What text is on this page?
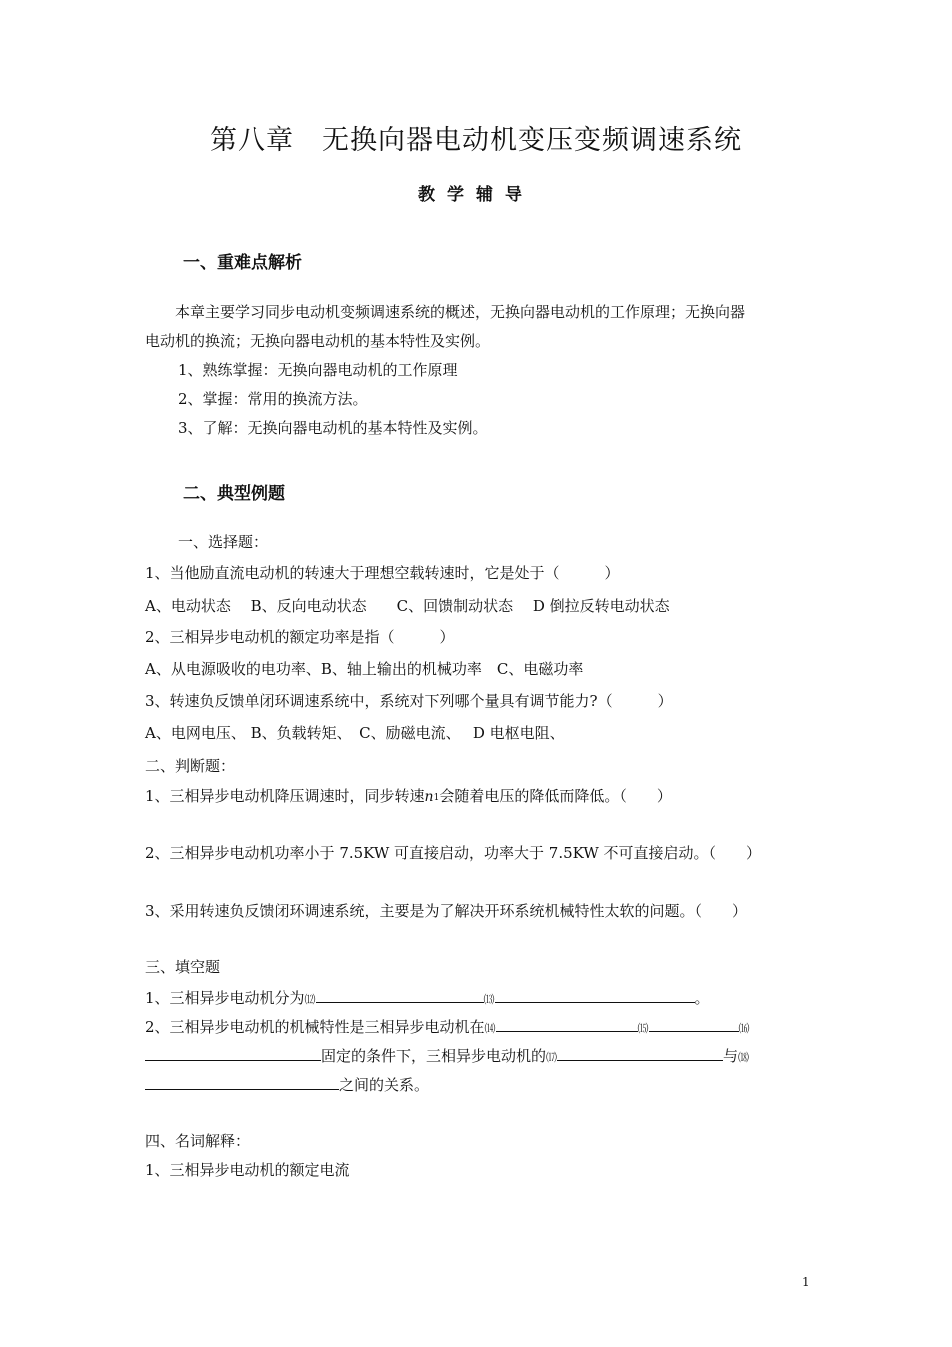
第八章　无换向器电动机变压变频调速系统
教学辅导
一、重难点解析
本章主要学习同步电动机变频调速系统的概述，无换向器电动机的工作原理；无换向器
电动机的换流；无换向器电动机的基本特性及实例。
1、熟练掌握：无换向器电动机的工作原理
2、掌握：常用的换流方法。
3、了解：无换向器电动机的基本特性及实例。
二、典型例题
一、选择题：
1、当他励直流电动机的转速大于理想空载转速时，它是处于（　　　）
A、电动状态　 B、反向电动状态　　C、回馈制动状态　 D 倒拉反转电动状态
2、三相异步电动机的额定功率是指（　　　）
A、从电源吸收的电功率、B、轴上输出的机械功率　C、电磁功率
3、转速负反馈单闭环调速系统中，系统对下列哪个量具有调节能力?（　　　）
A、电网电压、 B、负载转矩、　C、励磁电流、　 D 电枢电阻、
二、判断题：
1、三相异步电动机降压调速时，同步转速n1会随着电压的降低而降低。（　　）
2、三相异步电动机功率小于 7.5KW 可直接启动，功率大于 7.5KW 不可直接启动。（　　）
3、采用转速负反馈闭环调速系统，主要是为了解决开环系统机械特性太软的问题。（　　）
三、填空题
1、三相异步电动机分为⑿	⒀	。
2、三相异步电动机的机械特性是三相异步电动机在⒁	⒂	⒃
固定的条件下，三相异步电动机的⒄	与⒅
之间的关系。
四、名词解释：
1、三相异步电动机的额定电流
1
